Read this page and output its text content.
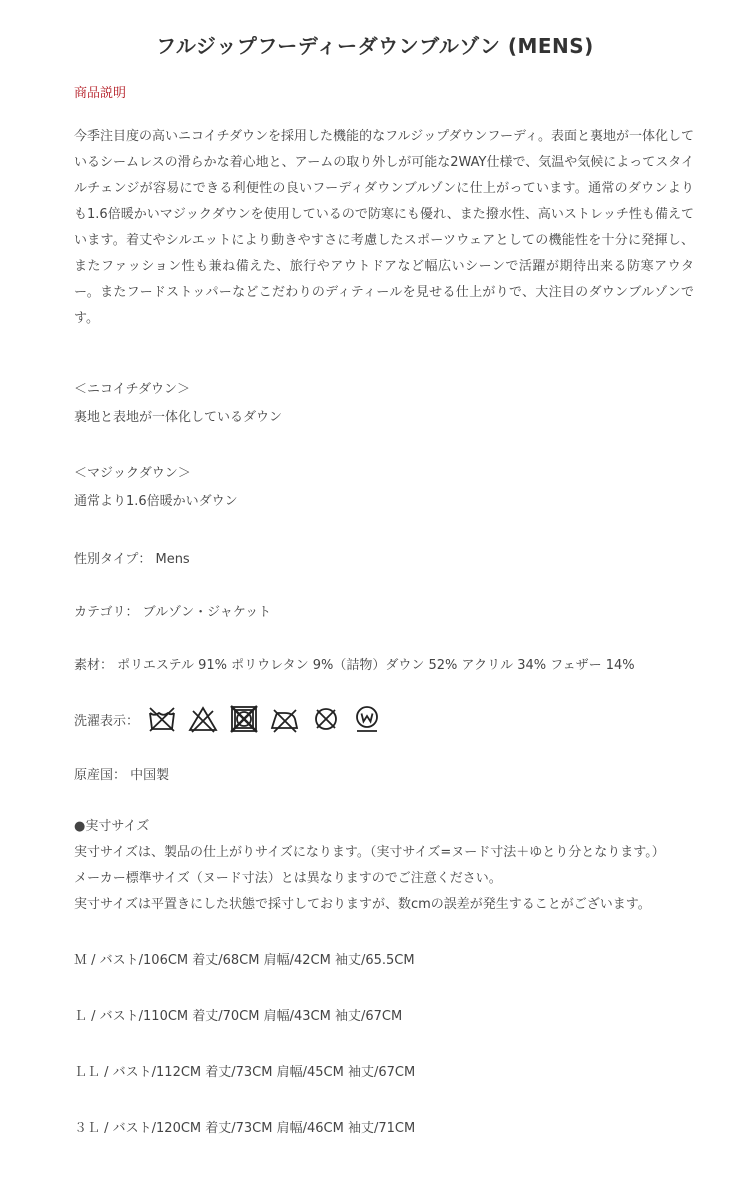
フルジップフーディーダウンブルゾン (MENS)
商品説明
今季注目度の高いニコイチダウンを採用した機能的なフルジップダウンフーディ。表面と裏地が一体化しているシームレスの滑らかな着心地と、アームの取り外しが可能な2WAY仕様で、気温や気候によってスタイルチェンジが容易にできる利便性の良いフーディダウンブルゾンに仕上がっています。通常のダウンよりも1.6倍暖かいマジックダウンを使用しているので防寒にも優れ、また撥水性、高いストレッチ性も備えています。着丈やシルエットにより動きやすさに考慮したスポーツウェアとしての機能性を十分に発揮し、またファッション性も兼ね備えた、旅行やアウトドアなど幅広いシーンで活躍が期待出来る防寒アウター。またフードストッパーなどこだわりのディティールを見せる仕上がりで、大注目のダウンブルゾンです。
＜ニコイチダウン＞
裏地と表地が一体化しているダウン
＜マジックダウン＞
通常より1.6倍暖かいダウン
性別タイプ： Mens
カテゴリ： ブルゾン・ジャケット
素材： ポリエステル 91% ポリウレタン 9%（詰物）ダウン 52% アクリル 34% フェザー 14%
洗濯表示：
原産国： 中国製
●実寸サイズ
実寸サイズは、製品の仕上がりサイズになります。（実寸サイズ=ヌード寸法＋ゆとり分となります。）
メーカー標準サイズ（ヌード寸法）とは異なりますのでご注意ください。
実寸サイズは平置きにした状態で採寸しておりますが、数cmの誤差が発生することがございます。
Ｍ / バスト/106CM 着丈/68CM 肩幅/42CM 袖丈/65.5CM
Ｌ / バスト/110CM 着丈/70CM 肩幅/43CM 袖丈/67CM
ＬＬ / バスト/112CM 着丈/73CM 肩幅/45CM 袖丈/67CM
３Ｌ / バスト/120CM 着丈/73CM 肩幅/46CM 袖丈/71CM
